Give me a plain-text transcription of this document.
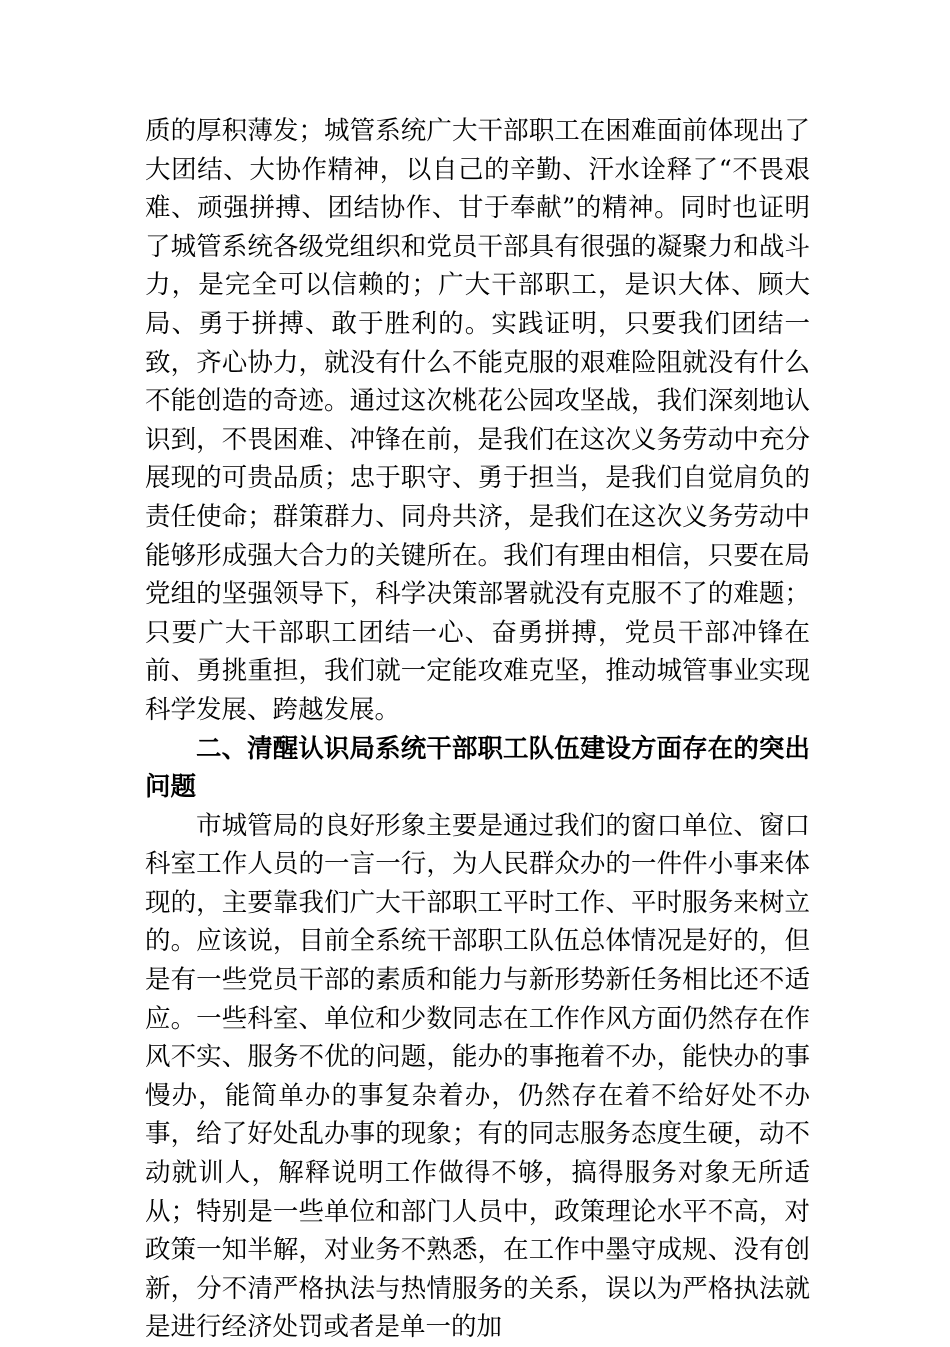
质的厚积薄发；城管系统广大干部职工在困难面前体现出了大团结、大协作精神，以自己的辛勤、汗水诠释了“不畏艰难、顽强拼搏、团结协作、甘于奉献”的精神。同时也证明了城管系统各级党组织和党员干部具有很强的凝聚力和战斗力，是完全可以信赖的；广大干部职工，是识大体、顾大局、勇于拼搏、敢于胜利的。实践证明，只要我们团结一致，齐心协力，就没有什么不能克服的艰难险阻就没有什么不能创造的奇迹。通过这次桃花公园攻坚战，我们深刻地认识到，不畏困难、冲锋在前，是我们在这次义务劳动中充分展现的可贵品质；忠于职守、勇于担当，是我们自觉肩负的责任使命；群策群力、同舟共济，是我们在这次义务劳动中能够形成强大合力的关键所在。我们有理由相信，只要在局党组的坚强领导下，科学决策部署就没有克服不了的难题；只要广大干部职工团结一心、奋勇拼搏，党员干部冲锋在前、勇挑重担，我们就一定能攻难克坚，推动城管事业实现科学发展、跨越发展。

二、清醒认识局系统干部职工队伍建设方面存在的突出问题

市城管局的良好形象主要是通过我们的窗口单位、窗口科室工作人员的一言一行，为人民群众办的一件件小事来体现的，主要靠我们广大干部职工平时工作、平时服务来树立的。应该说，目前全系统干部职工队伍总体情况是好的，但是有一些党员干部的素质和能力与新形势新任务相比还不适应。一些科室、单位和少数同志在工作作风方面仍然存在作风不实、服务不优的问题，能办的事拖着不办，能快办的事慢办，能简单办的事复杂着办，仍然存在着不给好处不办事，给了好处乱办事的现象；有的同志服务态度生硬，动不动就训人，解释说明工作做得不够，搞得服务对象无所适从；特别是一些单位和部门人员中，政策理论水平不高，对政策一知半解，对业务不熟悉，在工作中墨守成规、没有创新，分不清严格执法与热情服务的关系，误以为严格执法就是进行经济处罚或者是单一的加
